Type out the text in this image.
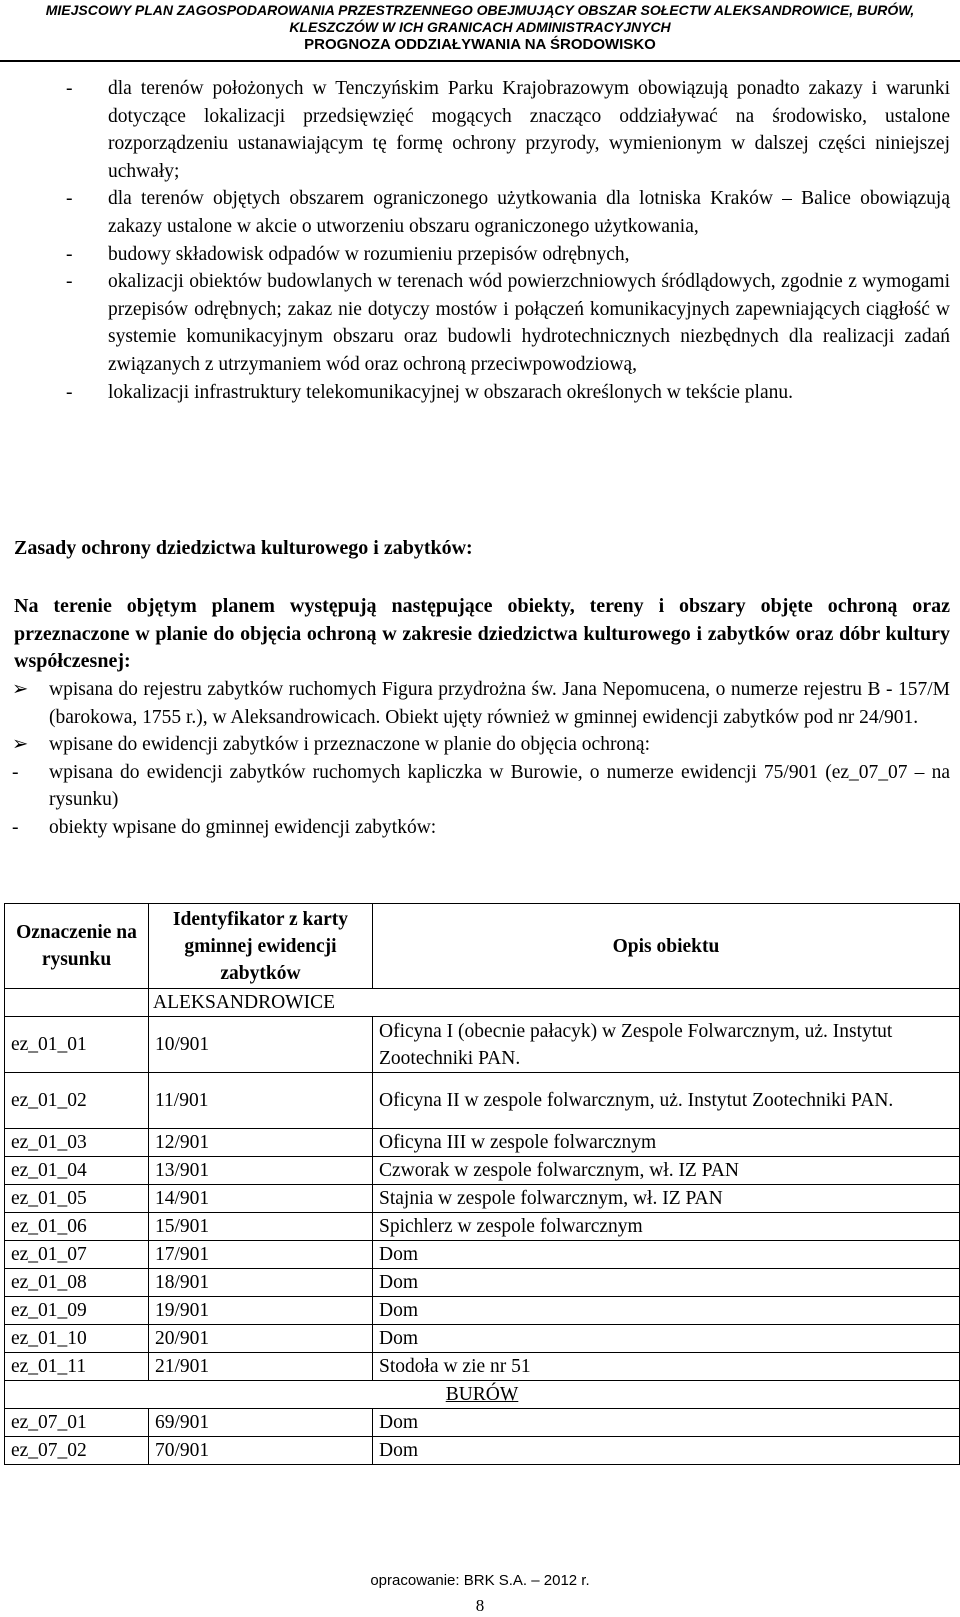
MIEJSCOWY PLAN ZAGOSPODAROWANIA PRZESTRZENNEGO OBEJMUJĄCY OBSZAR SOŁECTW ALEKSANDROWICE, BURÓW,
KLESZCZÓW W ICH GRANICACH ADMINISTRACYJNYCH
PROGNOZA ODDZIAŁYWANIA NA ŚRODOWISKO
- dla terenów położonych w Tenczyńskim Parku Krajobrazowym obowiązują ponadto zakazy i warunki dotyczące lokalizacji przedsięwzięć mogących znacząco oddziaływać na środowisko, ustalone rozporządzeniu ustanawiającym tę formę ochrony przyrody, wymienionym w dalszej części niniejszej uchwały;
- dla terenów objętych obszarem ograniczonego użytkowania dla lotniska Kraków – Balice obowiązują zakazy ustalone w akcie o utworzeniu obszaru ograniczonego użytkowania,
- budowy składowisk odpadów w rozumieniu przepisów odrębnych,
- okalizacji obiektów budowlanych w terenach wód powierzchniowych śródlądowych, zgodnie z wymogami przepisów odrębnych; zakaz nie dotyczy mostów i połączeń komunikacyjnych zapewniających ciągłość w systemie komunikacyjnym obszaru oraz budowli hydrotechnicznych niezbędnych dla realizacji zadań związanych z utrzymaniem wód oraz ochroną przeciwpowodziową,
- lokalizacji infrastruktury telekomunikacyjnej w obszarach określonych w tekście planu.
Zasady ochrony dziedzictwa kulturowego i zabytków:
Na terenie objętym planem występują następujące obiekty, tereny i obszary objęte ochroną oraz przeznaczone w planie do objęcia ochroną w zakresie dziedzictwa kulturowego i zabytków oraz dóbr kultury współczesnej:
➢ wpisana do rejestru zabytków ruchomych Figura przydrożna św. Jana Nepomucena, o numerze rejestru B - 157/M (barokowa, 1755 r.), w Aleksandrowicach. Obiekt ujęty również w gminnej ewidencji zabytków pod nr 24/901.
➢ wpisane do ewidencji zabytków i przeznaczone w planie do objęcia ochroną:
- wpisana do ewidencji zabytków ruchomych kapliczka w Burowie, o numerze ewidencji 75/901 (ez_07_07 – na rysunku)
- obiekty wpisane do gminnej ewidencji zabytków:
Oznaczenie na rysunku	Identyfikator z karty gminnej ewidencji zabytków	Opis obiektu
	ALEKSANDROWICE	
ez_01_01	10/901	Oficyna I (obecnie pałacyk) w Zespole Folwarcznym, uż. Instytut Zootechniki PAN.
ez_01_02	11/901	Oficyna II w zespole folwarcznym, uż. Instytut Zootechniki PAN.
ez_01_03	12/901	Oficyna III w zespole folwarcznym
ez_01_04	13/901	Czworak w zespole folwarcznym, wł. IZ PAN
ez_01_05	14/901	Stajnia w zespole folwarcznym, wł. IZ PAN
ez_01_06	15/901	Spichlerz w zespole folwarcznym
ez_01_07	17/901	Dom
ez_01_08	18/901	Dom
ez_01_09	19/901	Dom
ez_01_10	20/901	Dom
ez_01_11	21/901	Stodoła w zie nr 51
BURÓW		
ez_07_01	69/901	Dom
ez_07_02	70/901	Dom
opracowanie: BRK S.A. – 2012 r.
8
